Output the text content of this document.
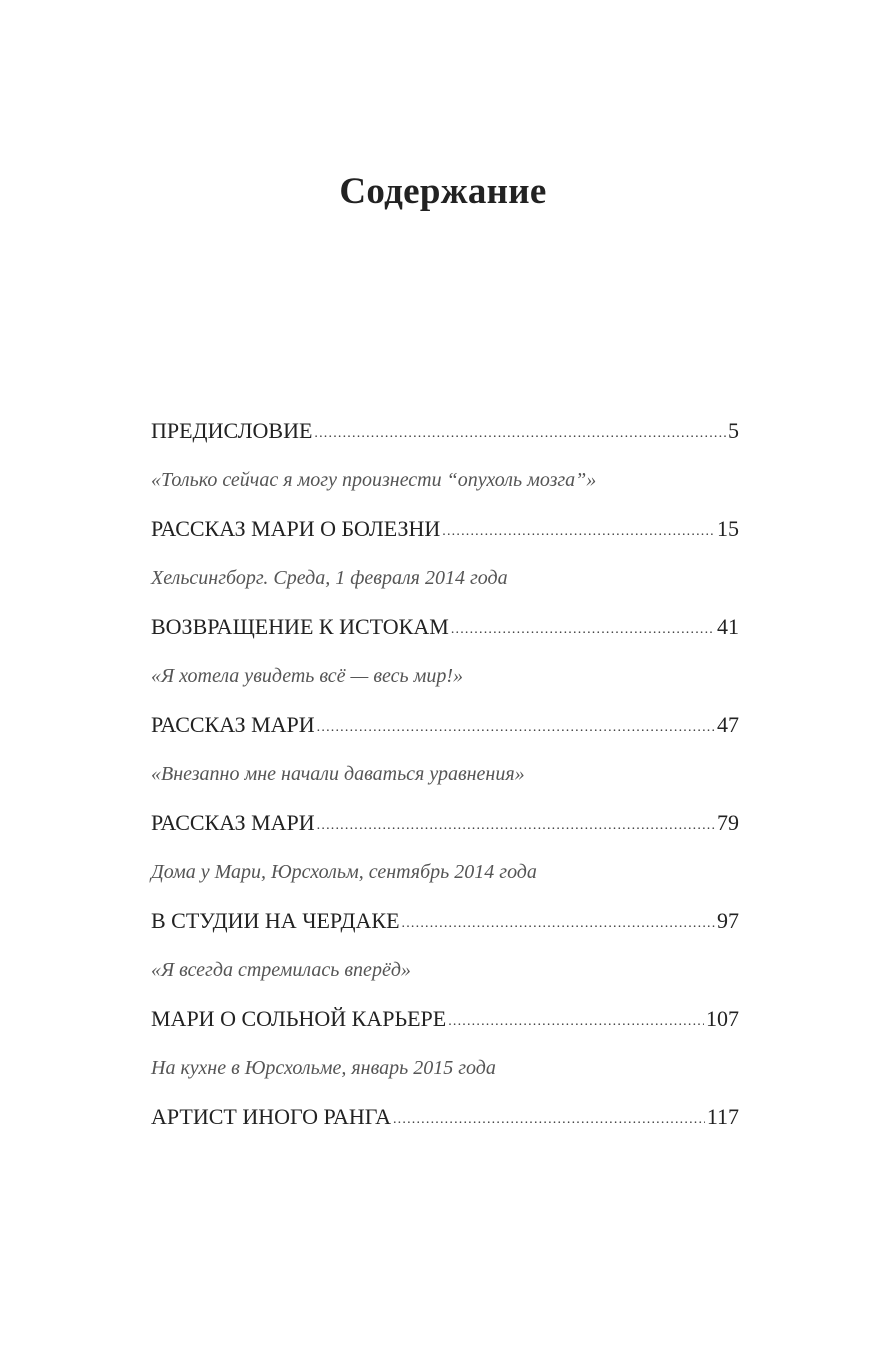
Содержание
ПРЕДИСЛОВИЕ .....	5
«Только сейчас я могу произнести “опухоль мозга”»
РАССКАЗ МАРИ О БОЛЕЗНИ .....	15
Хельсингборг. Среда, 1 февраля 2014 года
ВОЗВРАЩЕНИЕ К ИСТОКАМ .....	41
«Я хотела увидеть всё — весь мир!»
РАССКАЗ МАРИ .....	47
«Внезапно мне начали даваться уравнения»
РАССКАЗ МАРИ .....	79
Дома у Мари, Юрсхольм, сентябрь 2014 года
В СТУДИИ НА ЧЕРДАКЕ .....	97
«Я всегда стремилась вперёд»
МАРИ О СОЛЬНОЙ КАРЬЕРЕ .....	107
На кухне в Юрсхольме, январь 2015 года
АРТИСТ ИНОГО РАНГА .....	117
